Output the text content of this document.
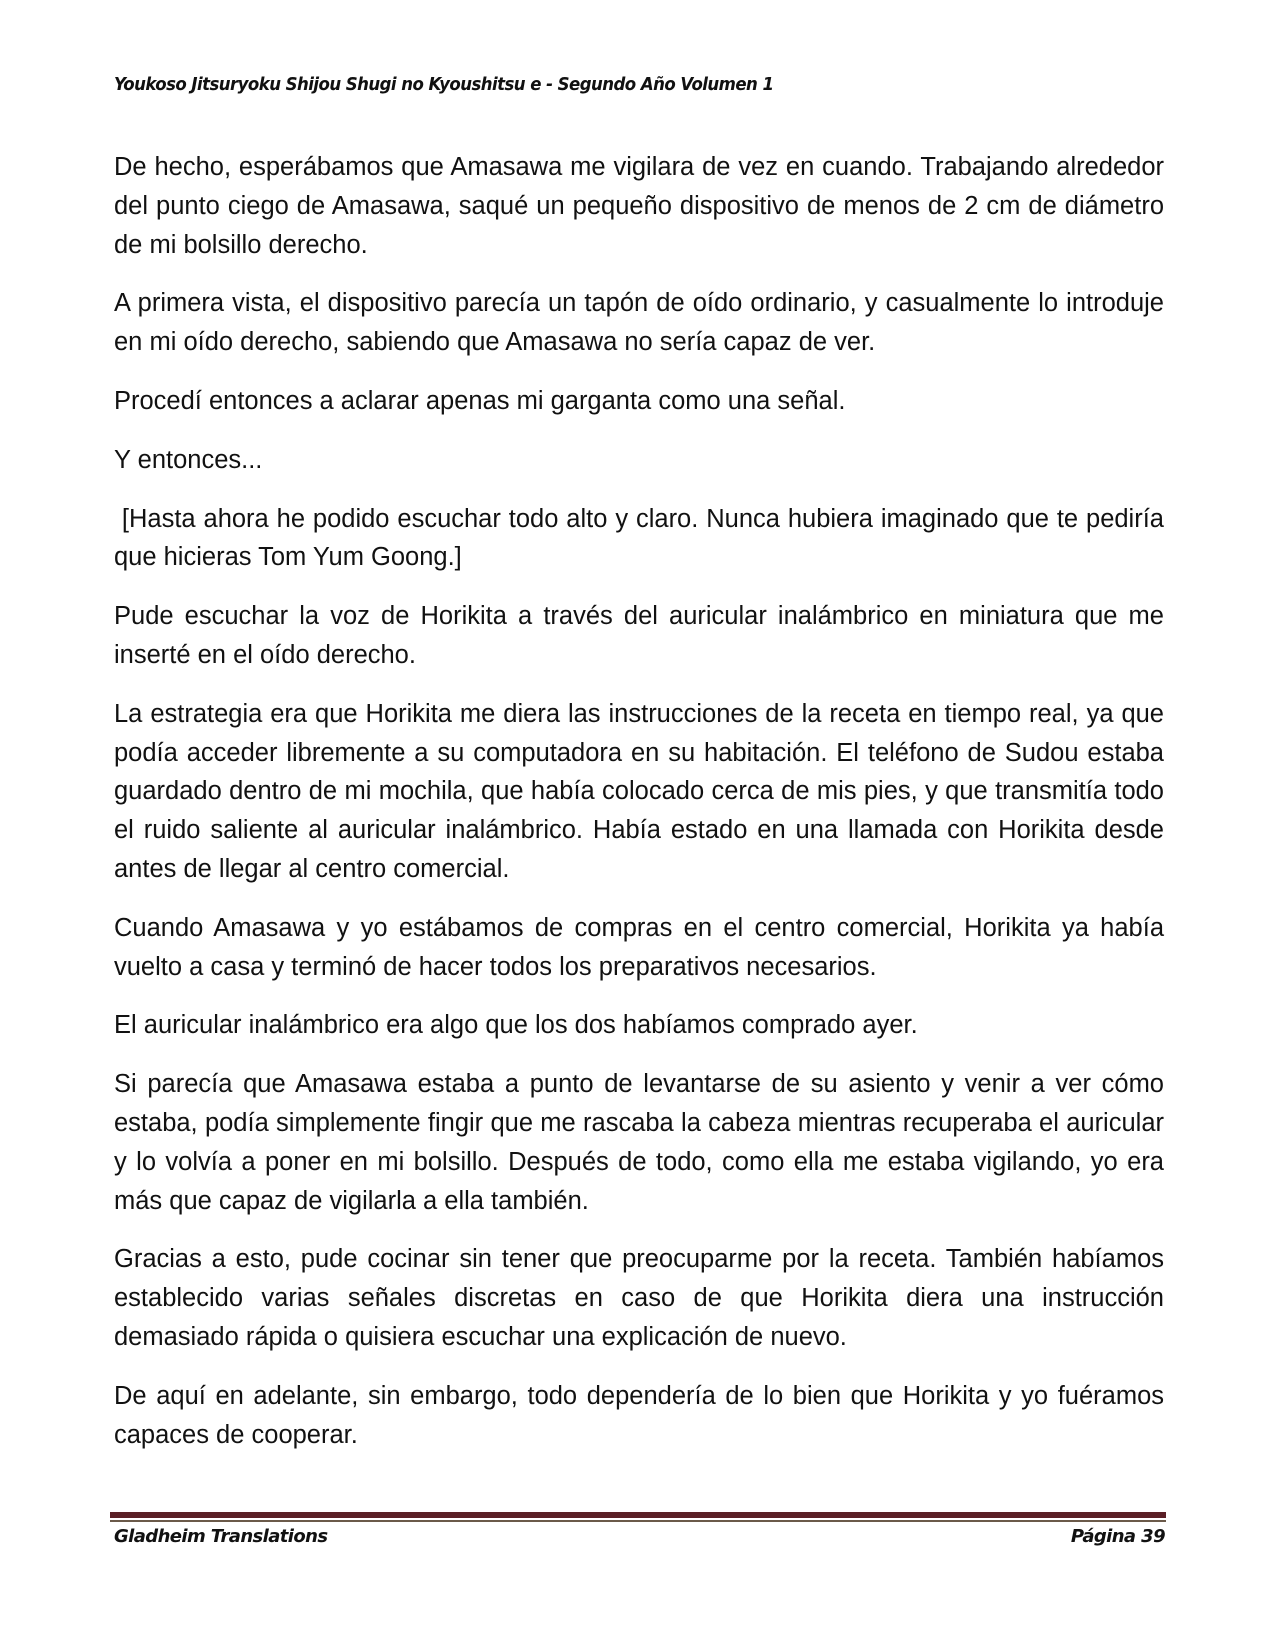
Youkoso Jitsuryoku Shijou Shugi no Kyoushitsu e - Segundo Año Volumen 1

De hecho, esperábamos que Amasawa me vigilara de vez en cuando. Trabajando alrededor del punto ciego de Amasawa, saqué un pequeño dispositivo de menos de 2 cm de diámetro de mi bolsillo derecho.

A primera vista, el dispositivo parecía un tapón de oído ordinario, y casualmente lo introduje en mi oído derecho, sabiendo que Amasawa no sería capaz de ver.

Procedí entonces a aclarar apenas mi garganta como una señal.

Y entonces...

[Hasta ahora he podido escuchar todo alto y claro. Nunca hubiera imaginado que te pediría que hicieras Tom Yum Goong.]

Pude escuchar la voz de Horikita a través del auricular inalámbrico en miniatura que me inserté en el oído derecho.

La estrategia era que Horikita me diera las instrucciones de la receta en tiempo real, ya que podía acceder libremente a su computadora en su habitación. El teléfono de Sudou estaba guardado dentro de mi mochila, que había colocado cerca de mis pies, y que transmitía todo el ruido saliente al auricular inalámbrico. Había estado en una llamada con Horikita desde antes de llegar al centro comercial.

Cuando Amasawa y yo estábamos de compras en el centro comercial, Horikita ya había vuelto a casa y terminó de hacer todos los preparativos necesarios.

El auricular inalámbrico era algo que los dos habíamos comprado ayer.

Si parecía que Amasawa estaba a punto de levantarse de su asiento y venir a ver cómo estaba, podía simplemente fingir que me rascaba la cabeza mientras recuperaba el auricular y lo volvía a poner en mi bolsillo. Después de todo, como ella me estaba vigilando, yo era más que capaz de vigilarla a ella también.

Gracias a esto, pude cocinar sin tener que preocuparme por la receta. También habíamos establecido varias señales discretas en caso de que Horikita diera una instrucción demasiado rápida o quisiera escuchar una explicación de nuevo.

De aquí en adelante, sin embargo, todo dependería de lo bien que Horikita y yo fuéramos capaces de cooperar.

Gladheim Translations	Página 39
